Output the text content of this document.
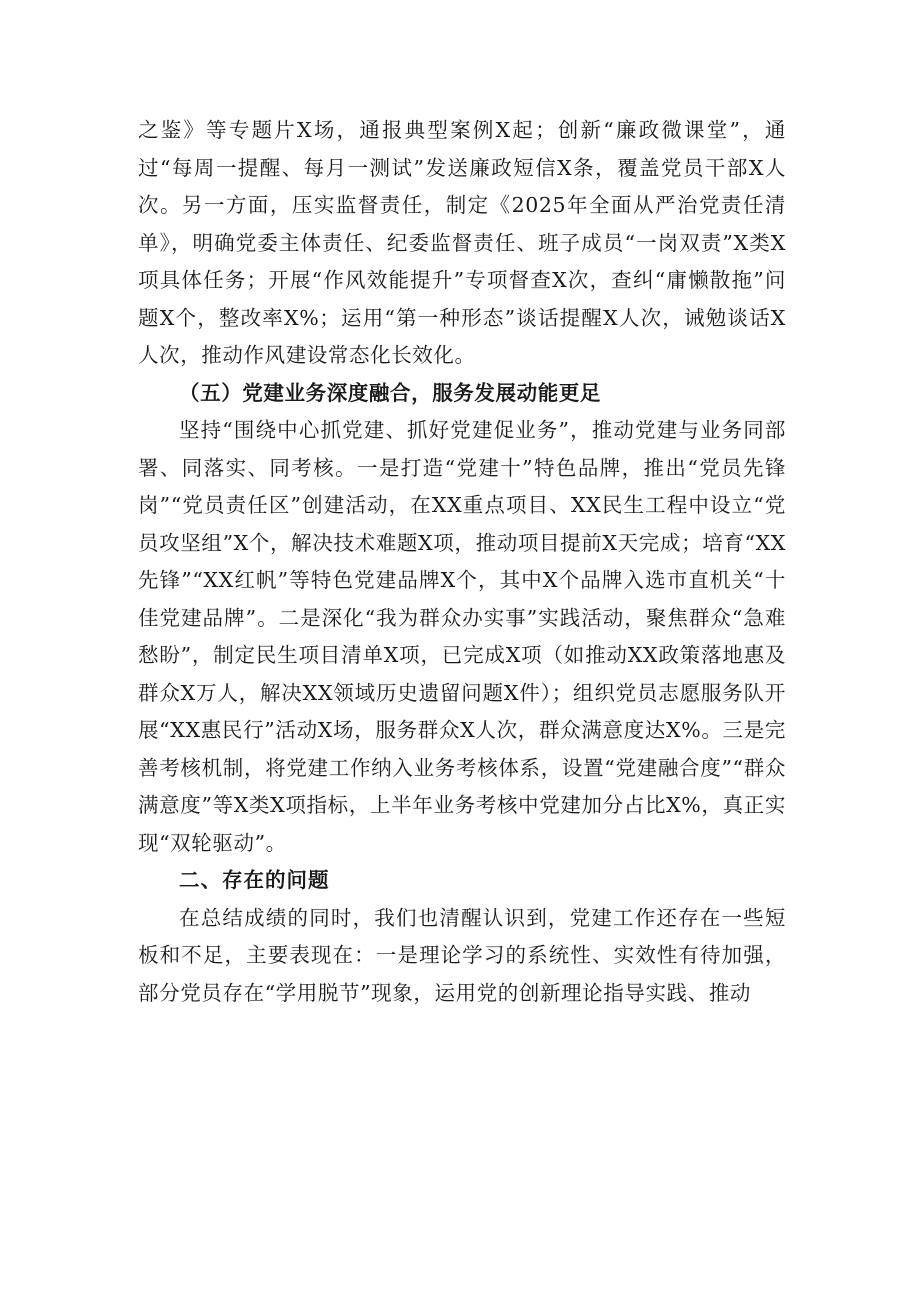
之鉴》等专题片X场，通报典型案例X起；创新“廉政微课堂”，通过“每周一提醒、每月一测试”发送廉政短信X条，覆盖党员干部X人次。另一方面，压实监督责任，制定《2025年全面从严治党责任清单》，明确党委主体责任、纪委监督责任、班子成员“一岗双责”X类X项具体任务；开展“作风效能提升”专项督查X次，查纠“庸懒散拖”问题X个，整改率X%；运用“第一种形态”谈话提醒X人次，诫勉谈话X人次，推动作风建设常态化长效化。

（五）党建业务深度融合，服务发展动能更足

坚持“围绕中心抓党建、抓好党建促业务”，推动党建与业务同部署、同落实、同考核。一是打造“党建十”特色品牌，推出“党员先锋岗”“党员责任区”创建活动，在XX重点项目、XX民生工程中设立“党员攻坚组”X个，解决技术难题X项，推动项目提前X天完成；培育“XX先锋”“XX红帆”等特色党建品牌X个，其中X个品牌入选市直机关“十佳党建品牌”。二是深化“我为群众办实事”实践活动，聚焦群众“急难愁盼”，制定民生项目清单X项，已完成X项（如推动XX政策落地惠及群众X万人，解决XX领域历史遗留问题X件）；组织党员志愿服务队开展“XX惠民行”活动X场，服务群众X人次，群众满意度达X%。三是完善考核机制，将党建工作纳入业务考核体系，设置“党建融合度”“群众满意度”等X类X项指标，上半年业务考核中党建加分占比X%，真正实现“双轮驱动”。

二、存在的问题

在总结成绩的同时，我们也清醒认识到，党建工作还存在一些短板和不足，主要表现在：一是理论学习的系统性、实效性有待加强，部分党员存在“学用脱节”现象，运用党的创新理论指导实践、推动
